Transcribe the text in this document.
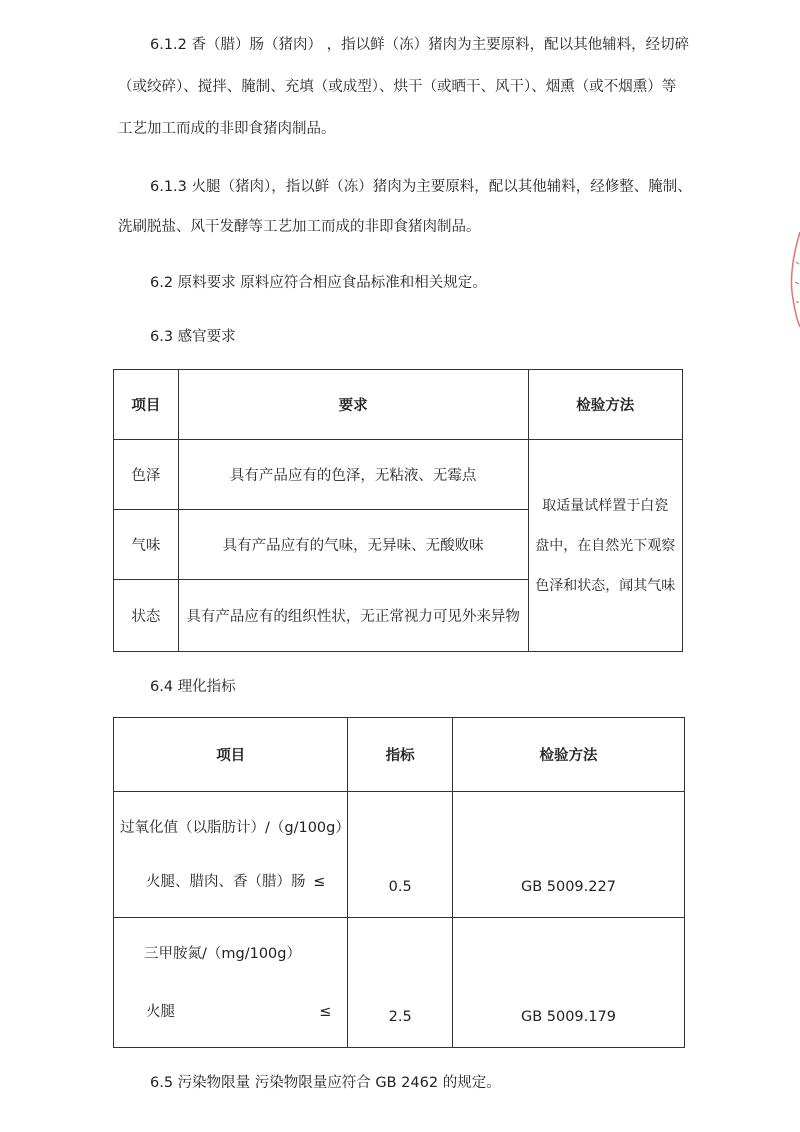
6.1.2 香（腊）肠（猪肉） ，指以鲜（冻）猪肉为主要原料，配以其他辅料，经切碎
（或绞碎）、搅拌、腌制、充填（或成型）、烘干（或晒干、风干）、烟熏（或不烟熏）等
工艺加工而成的非即食猪肉制品。
6.1.3 火腿（猪肉），指以鲜（冻）猪肉为主要原料，配以其他辅料，经修整、腌制、
洗刷脱盐、风干发酵等工艺加工而成的非即食猪肉制品。
6.2 原料要求 原料应符合相应食品标准和相关规定。
6.3 感官要求
项目	要求	检验方法
色泽	具有产品应有的色泽，无粘液、无霉点	取适量试样置于白瓷
盘中，在自然光下观察
色泽和状态，闻其气味

气味	具有产品应有的气味，无异味、无酸败味	
状态	具有产品应有的组织性状，无正常视力可见外来异物	
6.4 理化指标
项目	指标	检验方法

过氧化值（以脂肪计）/（g/100g）
火腿、腊肉、香（腊）肠 ≤	0.5	GB 5009.227

三甲胺氮/（mg/100g）
火腿 ≤	2.5	GB 5009.179
6.5 污染物限量 污染物限量应符合 GB 2462 的规定。
